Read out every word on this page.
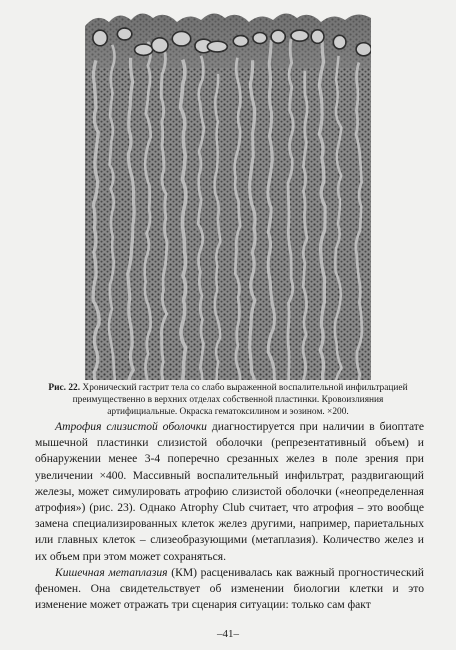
Рис. 22. Хронический гастрит тела со слабо выраженной воспалительной инфильтрацией преимущественно в верхних отделах собственной пластинки. Кровоизлияния артифициальные. Окраска гематоксилином и эозином. ×200.

Атрофия слизистой оболочки диагностируется при наличии в биоптате мышечной пластинки слизистой оболочки (репрезентативный объем) и обнаружении менее 3-4 поперечно срезанных желез в поле зрения при увеличении ×400. Массивный воспалительный инфильтрат, раздвигающий железы, может симулировать атрофию слизистой оболочки («неопределенная атрофия») (рис. 23). Однако Atrophy Club считает, что атрофия – это вообще замена специализированных клеток желез другими, например, париетальных или главных клеток – слизеобразующими (метаплазия). Количество желез и их объем при этом может сохраняться.

Кишечная метаплазия (КМ) расценивалась как важный прогностический феномен. Она свидетельствует об изменении биологии клетки и это изменение может отражать три сценария ситуации: только сам факт

–41–
